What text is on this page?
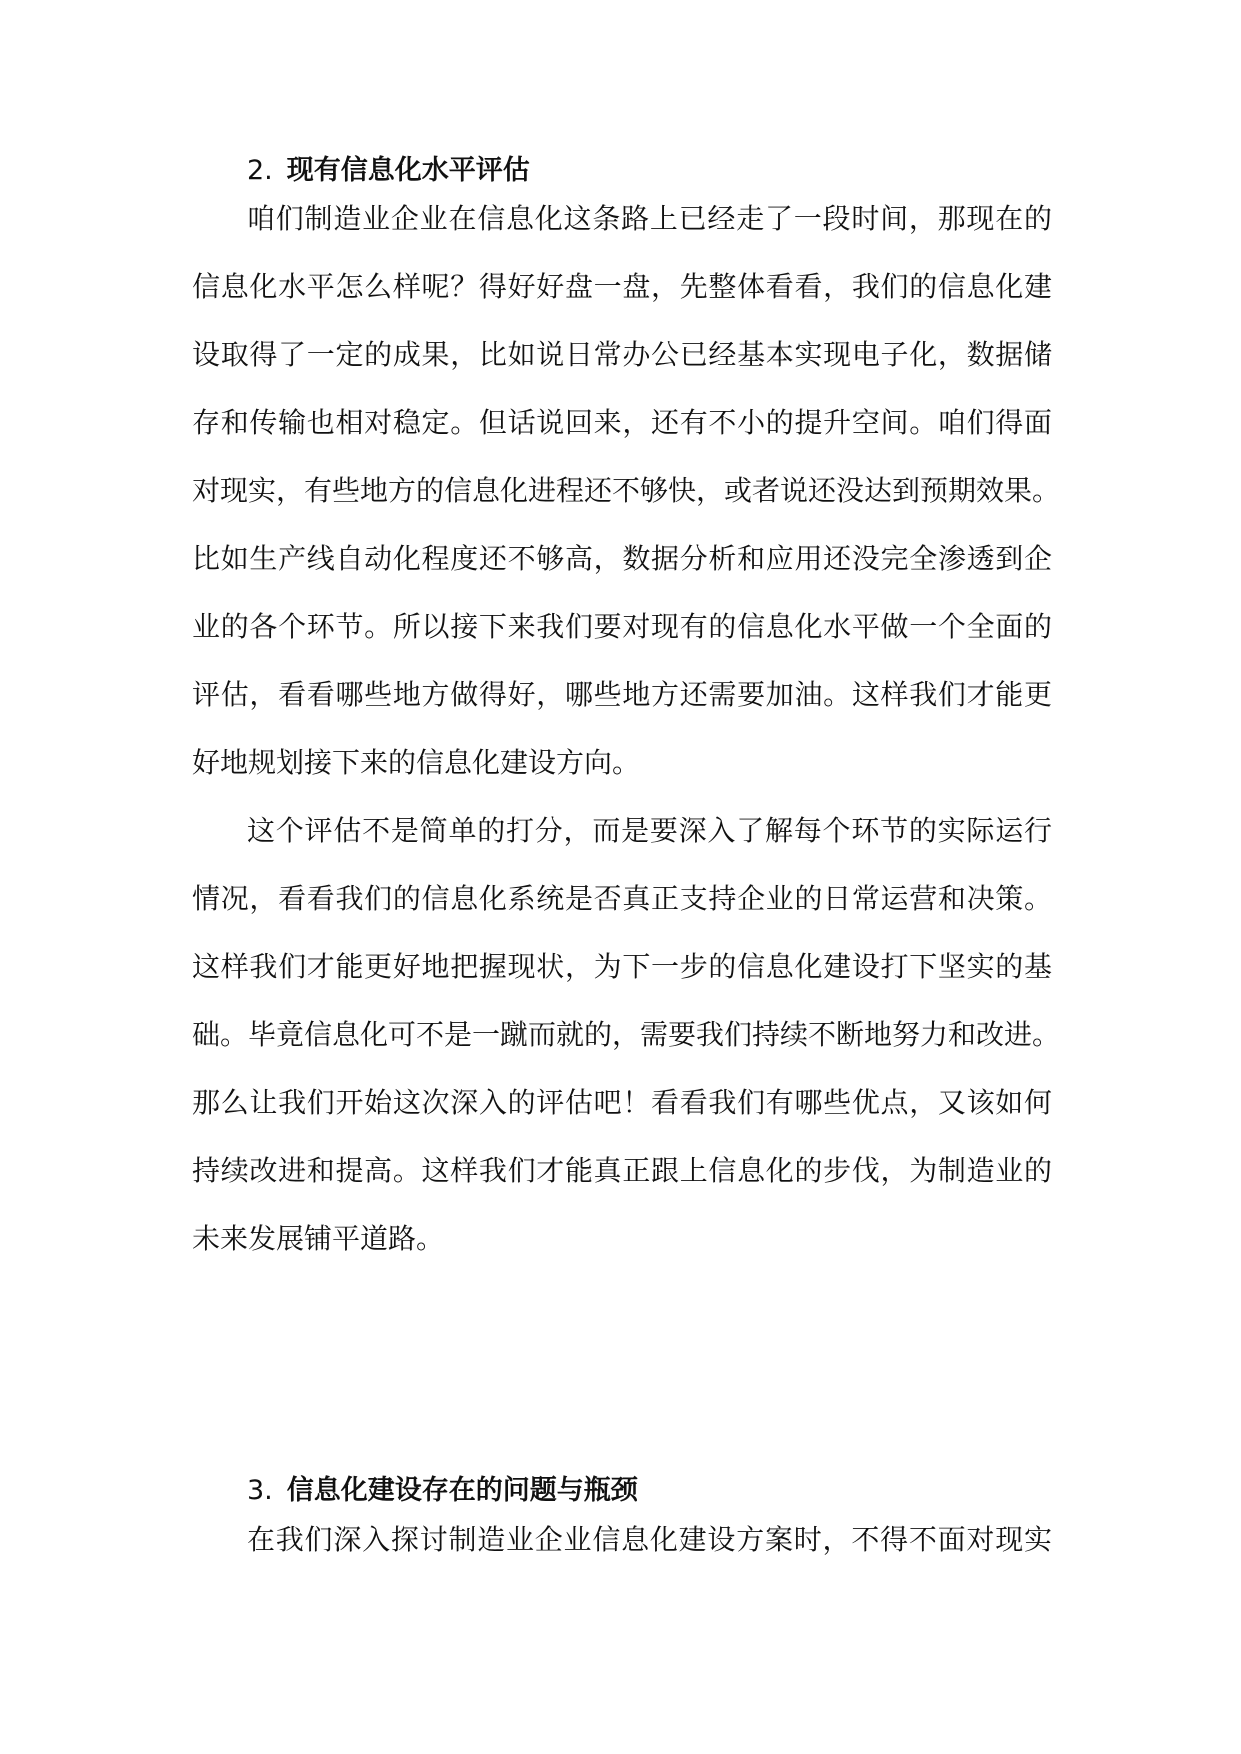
2. 现有信息化水平评估
咱们制造业企业在信息化这条路上已经走了一段时间，那现在的
信息化水平怎么样呢？得好好盘一盘，先整体看看，我们的信息化建
设取得了一定的成果，比如说日常办公已经基本实现电子化，数据储
存和传输也相对稳定。但话说回来，还有不小的提升空间。咱们得面
对现实，有些地方的信息化进程还不够快，或者说还没达到预期效果。
比如生产线自动化程度还不够高，数据分析和应用还没完全渗透到企
业的各个环节。所以接下来我们要对现有的信息化水平做一个全面的
评估，看看哪些地方做得好，哪些地方还需要加油。这样我们才能更
好地规划接下来的信息化建设方向。
这个评估不是简单的打分，而是要深入了解每个环节的实际运行
情况，看看我们的信息化系统是否真正支持企业的日常运营和决策。
这样我们才能更好地把握现状，为下一步的信息化建设打下坚实的基
础。毕竟信息化可不是一蹴而就的，需要我们持续不断地努力和改进。
那么让我们开始这次深入的评估吧！看看我们有哪些优点，又该如何
持续改进和提高。这样我们才能真正跟上信息化的步伐，为制造业的
未来发展铺平道路。
3. 信息化建设存在的问题与瓶颈
在我们深入探讨制造业企业信息化建设方案时，不得不面对现实
